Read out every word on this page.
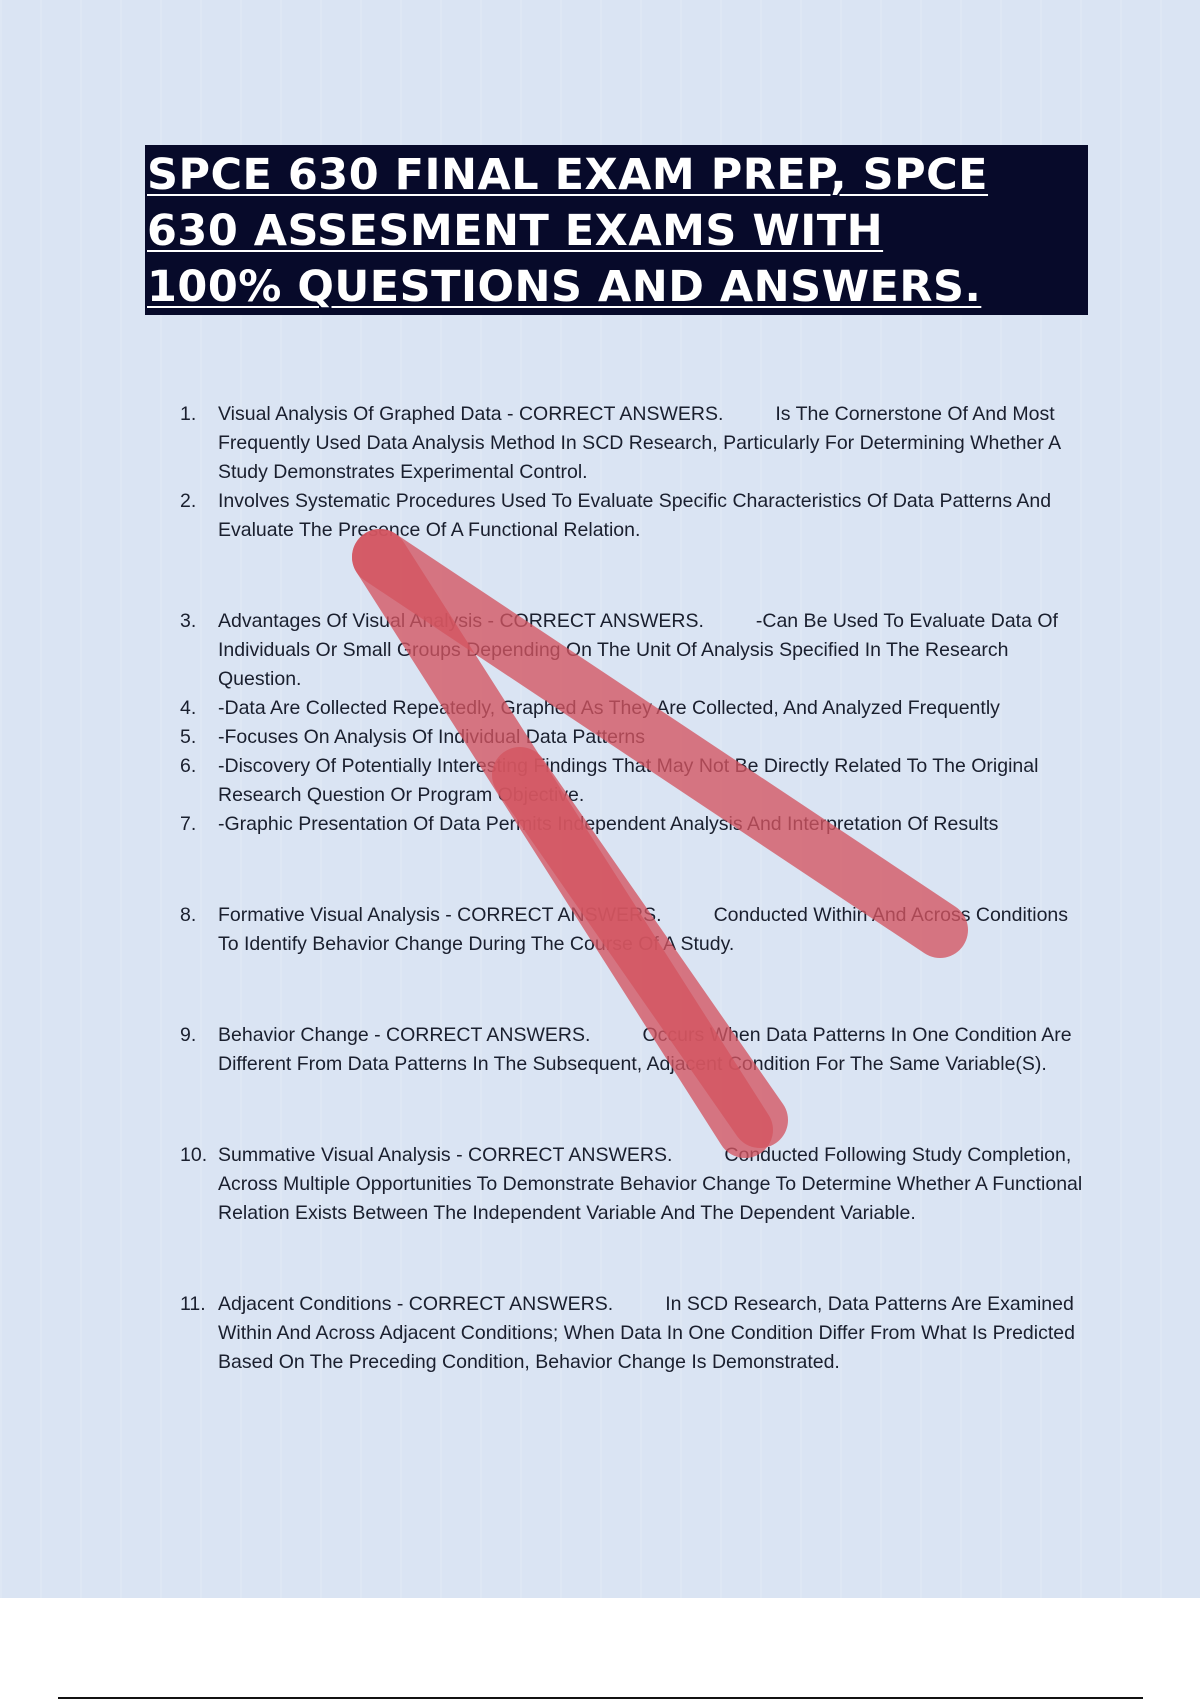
SPCE 630 FINAL EXAM PREP, SPCE
630 ASSESMENT EXAMS WITH
100% QUESTIONS AND ANSWERS.
1. Visual Analysis Of Graphed Data - CORRECT ANSWERS.	Is The Cornerstone Of And Most Frequently Used Data Analysis Method In SCD Research, Particularly For Determining Whether A Study Demonstrates Experimental Control.
2. Involves Systematic Procedures Used To Evaluate Specific Characteristics Of Data Patterns And Evaluate The Presence Of A Functional Relation.
3. Advantages Of Visual Analysis - CORRECT ANSWERS.	-Can Be Used To Evaluate Data Of Individuals Or Small Groups Depending On The Unit Of Analysis Specified In The Research Question.
4. -Data Are Collected Repeatedly, Graphed As They Are Collected, And Analyzed Frequently
5. -Focuses On Analysis Of Individual Data Patterns
6. -Discovery Of Potentially Interesting Findings That May Not Be Directly Related To The Original Research Question Or Program Objective.
7. -Graphic Presentation Of Data Permits Independent Analysis And Interpretation Of Results
8. Formative Visual Analysis - CORRECT ANSWERS.	Conducted Within And Across Conditions To Identify Behavior Change During The Course Of A Study.
9. Behavior Change - CORRECT ANSWERS.	Occurs When Data Patterns In One Condition Are Different From Data Patterns In The Subsequent, Adjacent Condition For The Same Variable(S).
10. Summative Visual Analysis - CORRECT ANSWERS.	Conducted Following Study Completion, Across Multiple Opportunities To Demonstrate Behavior Change To Determine Whether A Functional Relation Exists Between The Independent Variable And The Dependent Variable.
11. Adjacent Conditions - CORRECT ANSWERS.	In SCD Research, Data Patterns Are Examined Within And Across Adjacent Conditions; When Data In One Condition Differ From What Is Predicted Based On The Preceding Condition, Behavior Change Is Demonstrated.
